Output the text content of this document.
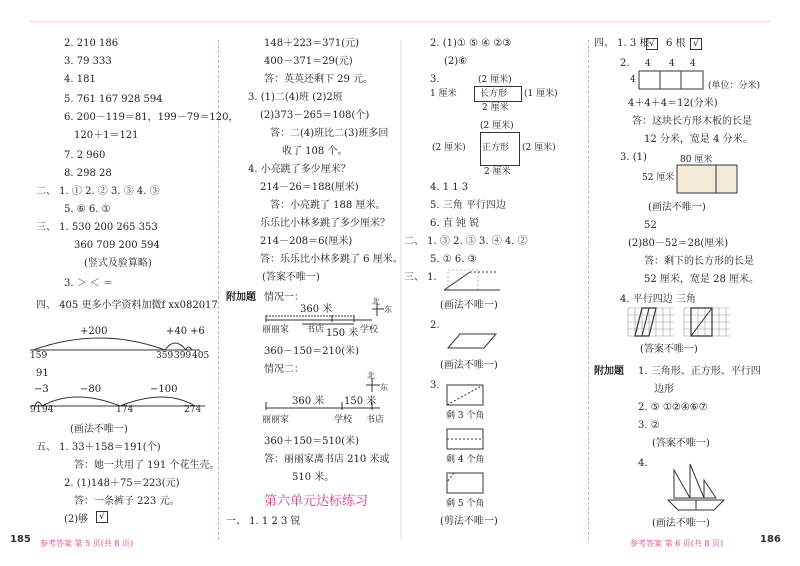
2. 210 186
3. 79 333
4. 181
5. 761 167 928 594
6. 200－119＝81，199－79＝120，
120＋1＝121
7. 2 960
8. 298 28
二、 1. ① 2. ② 3. ③ 4. ③
5. ⑥ 6. ①
三、 1. 530 200 265 353
360 709 200 594
(竖式及验算略)
3. ＞ ＜ ＝
四、 405 更多小学资料加微f xx082017
+200	+40 +6
159	359 399 405
91
−3	−80	−100
91 94	174	274
(画法不唯一)
五、 1. 33＋158＝191(个)
答：她一共用了 191 个花生壳。
2. (1)148＋75＝223(元)
答：一条裤子 223 元。
(2)够	√
148＋223＝371(元)
400－371＝29(元)
答：英英还剩下 29 元。
3. (1)二(4)班 (2)2班
(2)373－265＝108(个)
答：二(4)班比二(3)班多回
收了 108 个。
4. 小亮跳了多少厘米？
214－26＝188(厘米)
答：小亮跳了 188 厘米。
乐乐比小林多跳了多少厘米？
214－208＝6(厘米)
答：乐乐比小林多跳了 6 厘米。
(答案不唯一)
附加题 情况一：
360 米
北
东
丽丽家 书店 150 米 学校
360－150＝210(米)
情况二：
北
东
360 米 150 米
丽丽家	学校 书店
360＋150＝510(米)
答：丽丽家离书店 210 米或
510 米。
第六单元达标练习
一、 1. 1 2 3 锐
2. (1)① ⑤ ④ ②③
(2)⑥
3.	(2 厘米)
1 厘米	长方形 (1 厘米)
2 厘米
(2 厘米)
(2 厘米) 正方形 (2 厘米)
2 厘米
4. 1 1 3
5. 三角 平行四边
6. 直 钝 锐
二、 1. ③ 2. ③ 3. ④ 4. ②
5. ① 6. ③
三、 1.
(画法不唯一)
2.
(画法不唯一)
3.
剩 3 个角
剩 4 个角
剩 5 个角
(剪法不唯一)
四、 1. 3 根 √	6 根 √
2. 4 4 4
4
(单位：分米)
4＋4＋4＝12(分米)
答：这块长方形木板的长是
12 分米，宽是 4 分米。
3. (1)	80 厘米
52 厘米
(画法不唯一)
52
(2)80－52＝28(厘米)
答：剩下的长方形的长是
52 厘米，宽是 28 厘米。
4. 平行四边 三角
(答案不唯一)
附加题 1. 三角形、正方形、平行四
边形
2. ⑤ ①②④⑥⑦
3. ②
(答案不唯一)
4.
(画法不唯一)
185 参考答案 第 5 页(共 8 页)	参考答案 第 6 页(共 8 页)	186
